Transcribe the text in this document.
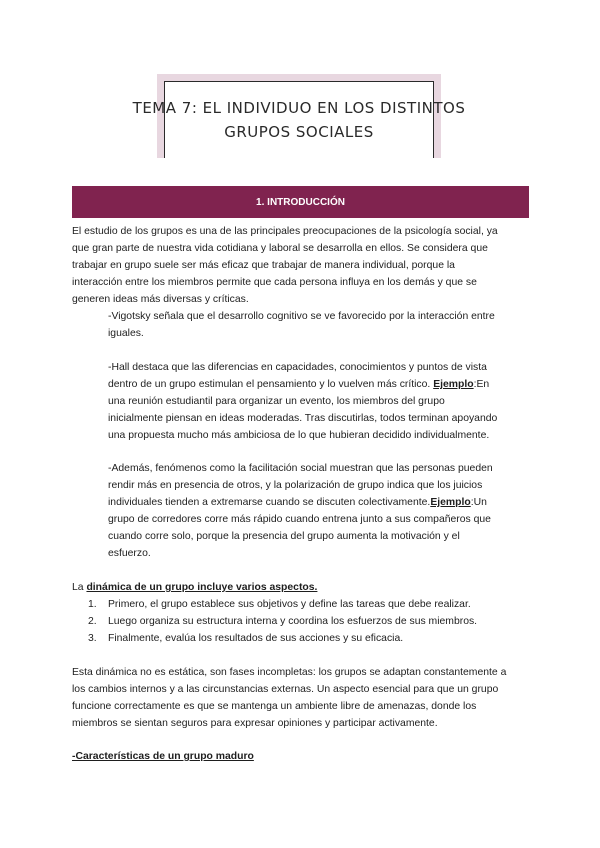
TEMA 7: EL INDIVIDUO EN LOS DISTINTOS
GRUPOS SOCIALES
1. INTRODUCCIÓN
El estudio de los grupos es una de las principales preocupaciones de la psicología social, ya
que gran parte de nuestra vida cotidiana y laboral se desarrolla en ellos. Se considera que
trabajar en grupo suele ser más eficaz que trabajar de manera individual, porque la
interacción entre los miembros permite que cada persona influya en los demás y que se
generen ideas más diversas y críticas.
-Vigotsky señala que el desarrollo cognitivo se ve favorecido por la interacción entre
iguales.
-Hall destaca que las diferencias en capacidades, conocimientos y puntos de vista
dentro de un grupo estimulan el pensamiento y lo vuelven más crítico. Ejemplo:En
una reunión estudiantil para organizar un evento, los miembros del grupo
inicialmente piensan en ideas moderadas. Tras discutirlas, todos terminan apoyando
una propuesta mucho más ambiciosa de lo que hubieran decidido individualmente.
-Además, fenómenos como la facilitación social muestran que las personas pueden
rendir más en presencia de otros, y la polarización de grupo indica que los juicios
individuales tienden a extremarse cuando se discuten colectivamente.Ejemplo:Un
grupo de corredores corre más rápido cuando entrena junto a sus compañeros que
cuando corre solo, porque la presencia del grupo aumenta la motivación y el
esfuerzo.
La dinámica de un grupo incluye varios aspectos.
1. Primero, el grupo establece sus objetivos y define las tareas que debe realizar.
2. Luego organiza su estructura interna y coordina los esfuerzos de sus miembros.
3. Finalmente, evalúa los resultados de sus acciones y su eficacia.
Esta dinámica no es estática, son fases incompletas: los grupos se adaptan constantemente a
los cambios internos y a las circunstancias externas. Un aspecto esencial para que un grupo
funcione correctamente es que se mantenga un ambiente libre de amenazas, donde los
miembros se sientan seguros para expresar opiniones y participar activamente.
-Características de un grupo maduro
